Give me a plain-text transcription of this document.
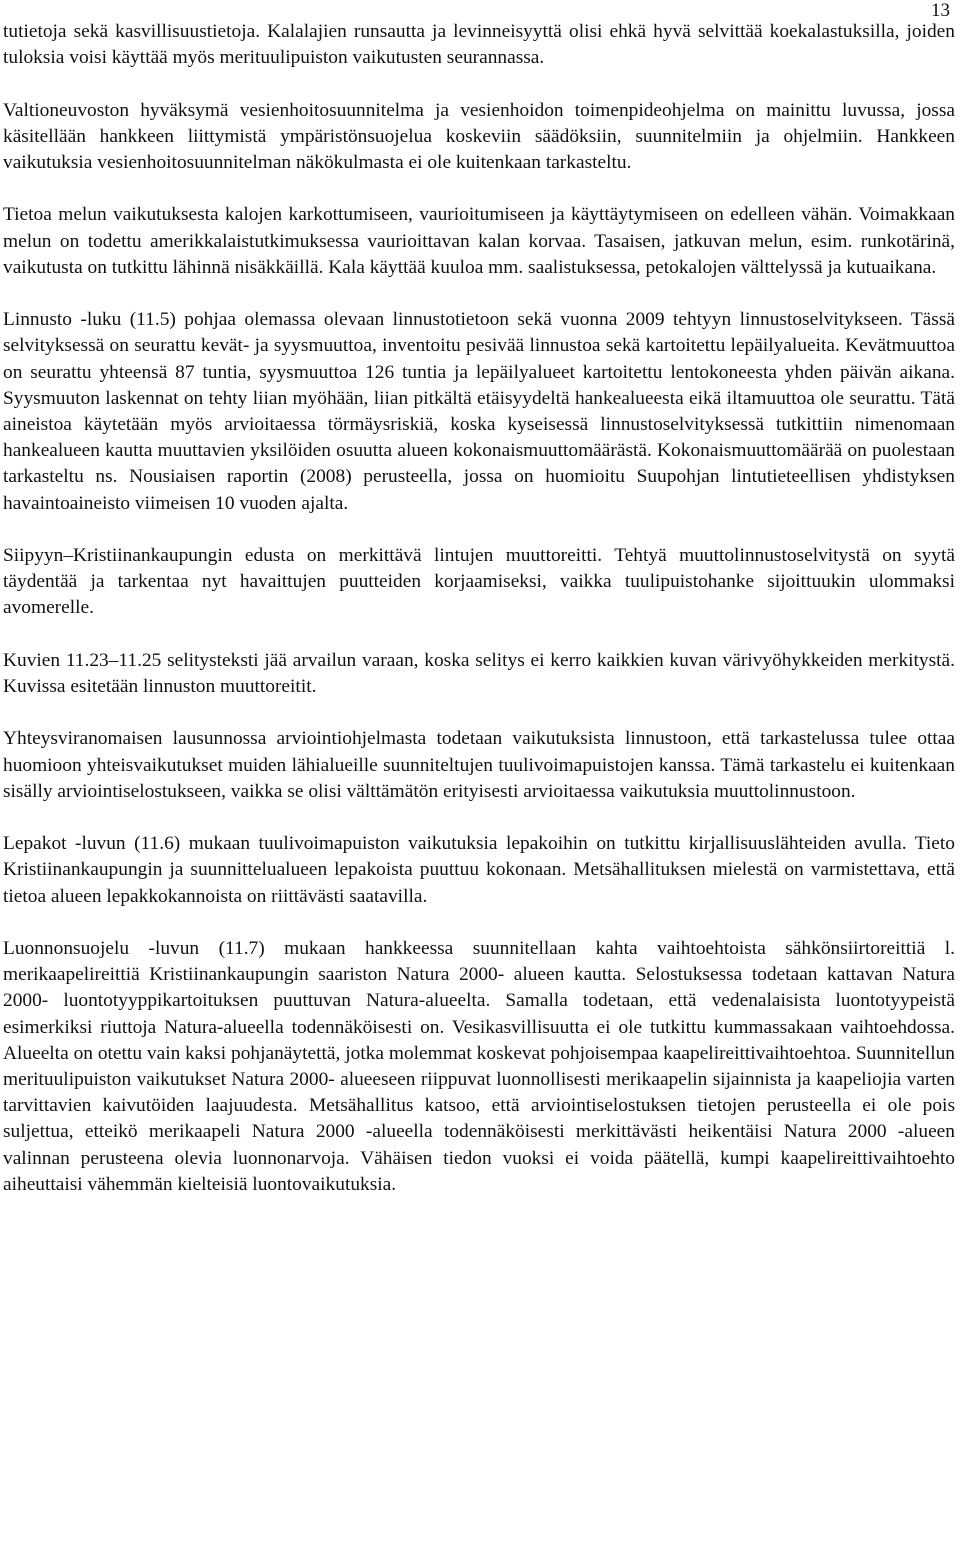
13

tutietoja sekä kasvillisuustietoja. Kalalajien runsautta ja levinneisyyttä olisi ehkä hyvä selvittää koekalastuksilla, joiden tuloksia voisi käyttää myös merituulipuiston vaikutusten seurannassa.

Valtioneuvoston hyväksymä vesienhoitosuunnitelma ja vesienhoidon toimenpideohjelma on mainittu luvussa, jossa käsitellään hankkeen liittymistä ympäristönsuojelua koskeviin säädöksiin, suunnitelmiin ja ohjelmiin. Hankkeen vaikutuksia vesienhoitosuunnitelman näkökulmasta ei ole kuitenkaan tarkasteltu.

Tietoa melun vaikutuksesta kalojen karkottumiseen, vaurioitumiseen ja käyttäytymiseen on edelleen vähän. Voimakkaan melun on todettu amerikkalaistutkimuksessa vaurioittavan kalan korvaa. Tasaisen, jatkuvan melun, esim. runkotärinä, vaikutusta on tutkittu lähinnä nisäkkäillä. Kala käyttää kuuloa mm. saalistuksessa, petokalojen välttelyssä ja kutuaikana.

Linnusto -luku (11.5) pohjaa olemassa olevaan linnustotietoon sekä vuonna 2009 tehtyyn linnustoselvitykseen. Tässä selvityksessä on seurattu kevät- ja syysmuuttoa, inventoitu pesivää linnustoa sekä kartoitettu lepäilyalueita. Kevätmuuttoa on seurattu yhteensä 87 tuntia, syysmuuttoa 126 tuntia ja lepäilyalueet kartoitettu lentokoneesta yhden päivän aikana. Syysmuuton laskennat on tehty liian myöhään, liian pitkältä etäisyydeltä hankealueesta eikä iltamuuttoa ole seurattu. Tätä aineistoa käytetään myös arvioitaessa törmäysriskiä, koska kyseisessä linnustoselvityksessä tutkittiin nimenomaan hankealueen kautta muuttavien yksilöiden osuutta alueen kokonaismuuttomäärästä. Kokonaismuuttomäärää on puolestaan tarkasteltu ns. Nousiaisen raportin (2008) perusteella, jossa on huomioitu Suupohjan lintutieteellisen yhdistyksen havaintoaineisto viimeisen 10 vuoden ajalta.

Siipyyn–Kristiinankaupungin edusta on merkittävä lintujen muuttoreitti. Tehtyä muuttolinnustoselvitystä on syytä täydentää ja tarkentaa nyt havaittujen puutteiden korjaamiseksi, vaikka tuulipuistohanke sijoittuukin ulommaksi avomerelle.

Kuvien 11.23–11.25 selitysteksti jää arvailun varaan, koska selitys ei kerro kaikkien kuvan värivyöhykkeiden merkitystä. Kuvissa esitetään linnuston muuttoreitit.

Yhteysviranomaisen lausunnossa arviointiohjelmasta todetaan vaikutuksista linnustoon, että tarkastelussa tulee ottaa huomioon yhteisvaikutukset muiden lähialueille suunniteltujen tuulivoimapuistojen kanssa. Tämä tarkastelu ei kuitenkaan sisälly arviointiselostukseen, vaikka se olisi välttämätön erityisesti arvioitaessa vaikutuksia muuttolinnustoon.

Lepakot -luvun (11.6) mukaan tuulivoimapuiston vaikutuksia lepakoihin on tutkittu kirjallisuuslähteiden avulla. Tieto Kristiinankaupungin ja suunnittelualueen lepakoista puuttuu kokonaan. Metsähallituksen mielestä on varmistettava, että tietoa alueen lepakkokannoista on riittävästi saatavilla.

Luonnonsuojelu -luvun (11.7) mukaan hankkeessa suunnitellaan kahta vaihtoehtoista sähkönsiirtoreittiä l. merikaapelireittiä Kristiinankaupungin saariston Natura 2000- alueen kautta. Selostuksessa todetaan kattavan Natura 2000- luontotyyppikartoituksen puuttuvan Natura-alueelta. Samalla todetaan, että vedenalaisista luontotyypeistä esimerkiksi riuttoja Natura-alueella todennäköisesti on. Vesikasvillisuutta ei ole tutkittu kummassakaan vaihtoehdossa. Alueelta on otettu vain kaksi pohjanäytettä, jotka molemmat koskevat pohjoisempaa kaapelireittivaihtoehtoa. Suunnitellun merituulipuiston vaikutukset Natura 2000- alueeseen riippuvat luonnollisesti merikaapelin sijainnista ja kaapeliojia varten tarvittavien kaivutöiden laajuudesta. Metsähallitus katsoo, että arviointiselostuksen tietojen perusteella ei ole pois suljettua, etteikö merikaapeli Natura 2000 -alueella todennäköisesti merkittävästi heikentäisi Natura 2000 -alueen valinnan perusteena olevia luonnonarvoja. Vähäisen tiedon vuoksi ei voida päätellä, kumpi kaapelireittivaihtoehto aiheuttaisi vähemmän kielteisiä luontovaikutuksia.
